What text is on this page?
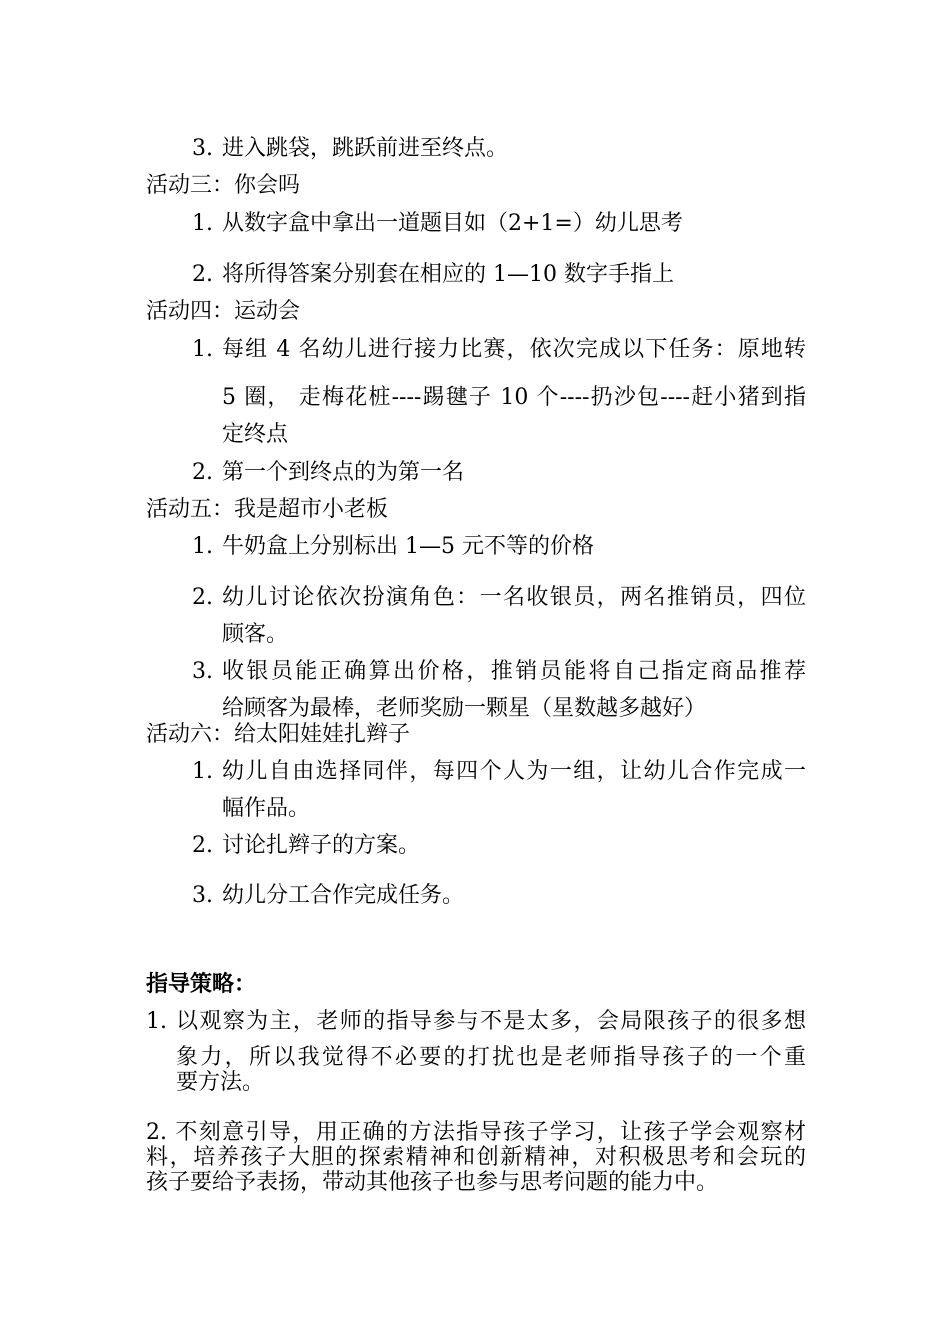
3. 进入跳袋，跳跃前进至终点。
活动三：你会吗
1. 从数字盒中拿出一道题目如（2+1=）幼儿思考
2. 将所得答案分别套在相应的 1—10 数字手指上
活动四：运动会
1. 每组 4 名幼儿进行接力比赛，依次完成以下任务：原地转
5 圈， 走梅花桩----踢毽子 10 个----扔沙包----赶小猪到指
定终点
2. 第一个到终点的为第一名
活动五：我是超市小老板
1. 牛奶盒上分别标出 1—5 元不等的价格
2. 幼儿讨论依次扮演角色：一名收银员，两名推销员，四位
顾客。
3. 收银员能正确算出价格，推销员能将自己指定商品推荐
给顾客为最棒，老师奖励一颗星（星数越多越好）
活动六：给太阳娃娃扎辫子
1. 幼儿自由选择同伴，每四个人为一组，让幼儿合作完成一
幅作品。
2. 讨论扎辫子的方案。
3. 幼儿分工合作完成任务。
指导策略：
1. 以观察为主，老师的指导参与不是太多，会局限孩子的很多想
象力，所以我觉得不必要的打扰也是老师指导孩子的一个重
要方法。
2. 不刻意引导，用正确的方法指导孩子学习，让孩子学会观察材
料，培养孩子大胆的探索精神和创新精神，对积极思考和会玩的
孩子要给予表扬，带动其他孩子也参与思考问题的能力中。
